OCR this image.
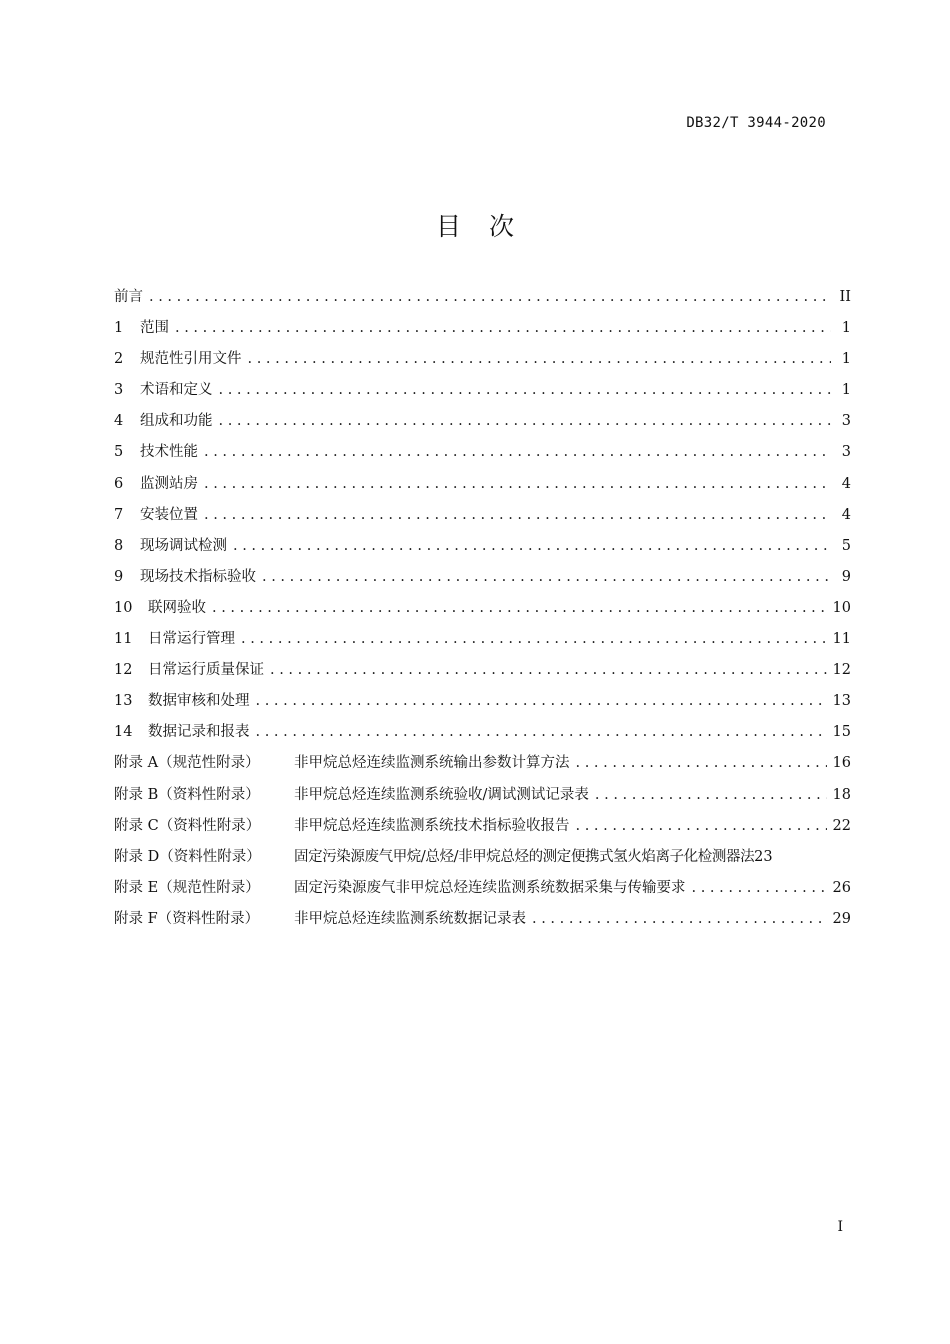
DB32/T 3944-2020
目 次
前言 . . .	II
1	范围 . . .	1
2	规范性引用文件 . . .	1
3	术语和定义 . . .	1
4	组成和功能 . . .	3
5	技术性能 . . .	3
6	监测站房 . . .	4
7	安装位置 . . .	4
8	现场调试检测 . . .	5
9	现场技术指标验收 . . .	9
10	联网验收 . . .	10
11	日常运行管理 . . .	11
12	日常运行质量保证 . . .	12
13	数据审核和处理 . . .	13
14	数据记录和报表 . . .	15
附录 A（规范性附录）	非甲烷总烃连续监测系统输出参数计算方法 . . .	16
附录 B（资料性附录）	非甲烷总烃连续监测系统验收/调试测试记录表 . . .	18
附录 C（资料性附录）	非甲烷总烃连续监测系统技术指标验收报告 . . .	22
附录 D（资料性附录）	固定污染源废气甲烷/总烃/非甲烷总烃的测定便携式氢火焰离子化检测器法 23
附录 E（规范性附录）	固定污染源废气非甲烷总烃连续监测系统数据采集与传输要求 . . .	26
附录 F（资料性附录）	非甲烷总烃连续监测系统数据记录表 . . .	29
I
